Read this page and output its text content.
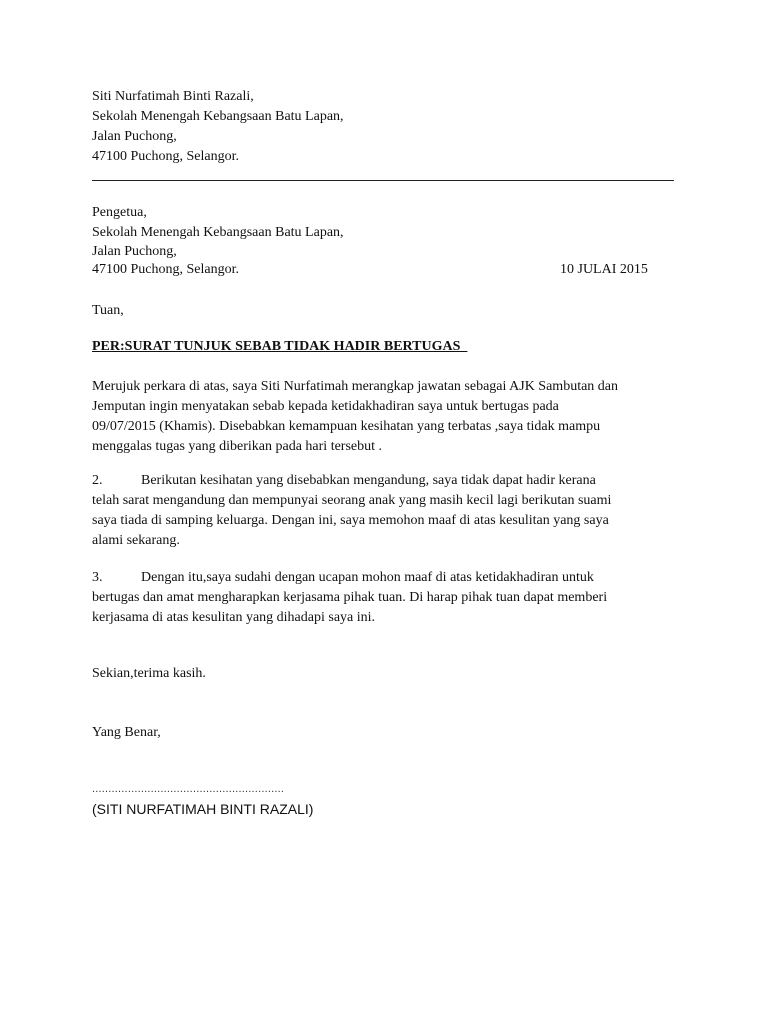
Siti Nurfatimah Binti Razali,
Sekolah Menengah Kebangsaan Batu Lapan,
Jalan Puchong,
47100 Puchong, Selangor.
Pengetua,
Sekolah Menengah Kebangsaan Batu Lapan,
Jalan Puchong,
47100 Puchong, Selangor.	10 JULAI 2015
Tuan,
PER:SURAT TUNJUK SEBAB TIDAK HADIR BERTUGAS
Merujuk perkara di atas, saya Siti Nurfatimah merangkap jawatan sebagai AJK Sambutan dan
Jemputan ingin menyatakan sebab kepada ketidakhadiran saya untuk bertugas pada
09/07/2015 (Khamis). Disebabkan kemampuan kesihatan yang terbatas ,saya tidak mampu
menggalas tugas yang diberikan pada hari tersebut .
2.	Berikutan kesihatan yang disebabkan mengandung, saya tidak dapat hadir kerana
telah sarat mengandung dan mempunyai seorang anak yang masih kecil lagi berikutan suami
saya tiada di samping keluarga. Dengan ini, saya memohon maaf di atas kesulitan yang saya
alami sekarang.
3.	Dengan itu,saya sudahi dengan ucapan mohon maaf di atas ketidakhadiran untuk
bertugas dan amat mengharapkan kerjasama pihak tuan. Di harap pihak tuan dapat memberi
kerjasama di atas kesulitan yang dihadapi saya ini.
Sekian,terima kasih.
Yang Benar,
...........................................................
(SITI NURFATIMAH BINTI RAZALI)
